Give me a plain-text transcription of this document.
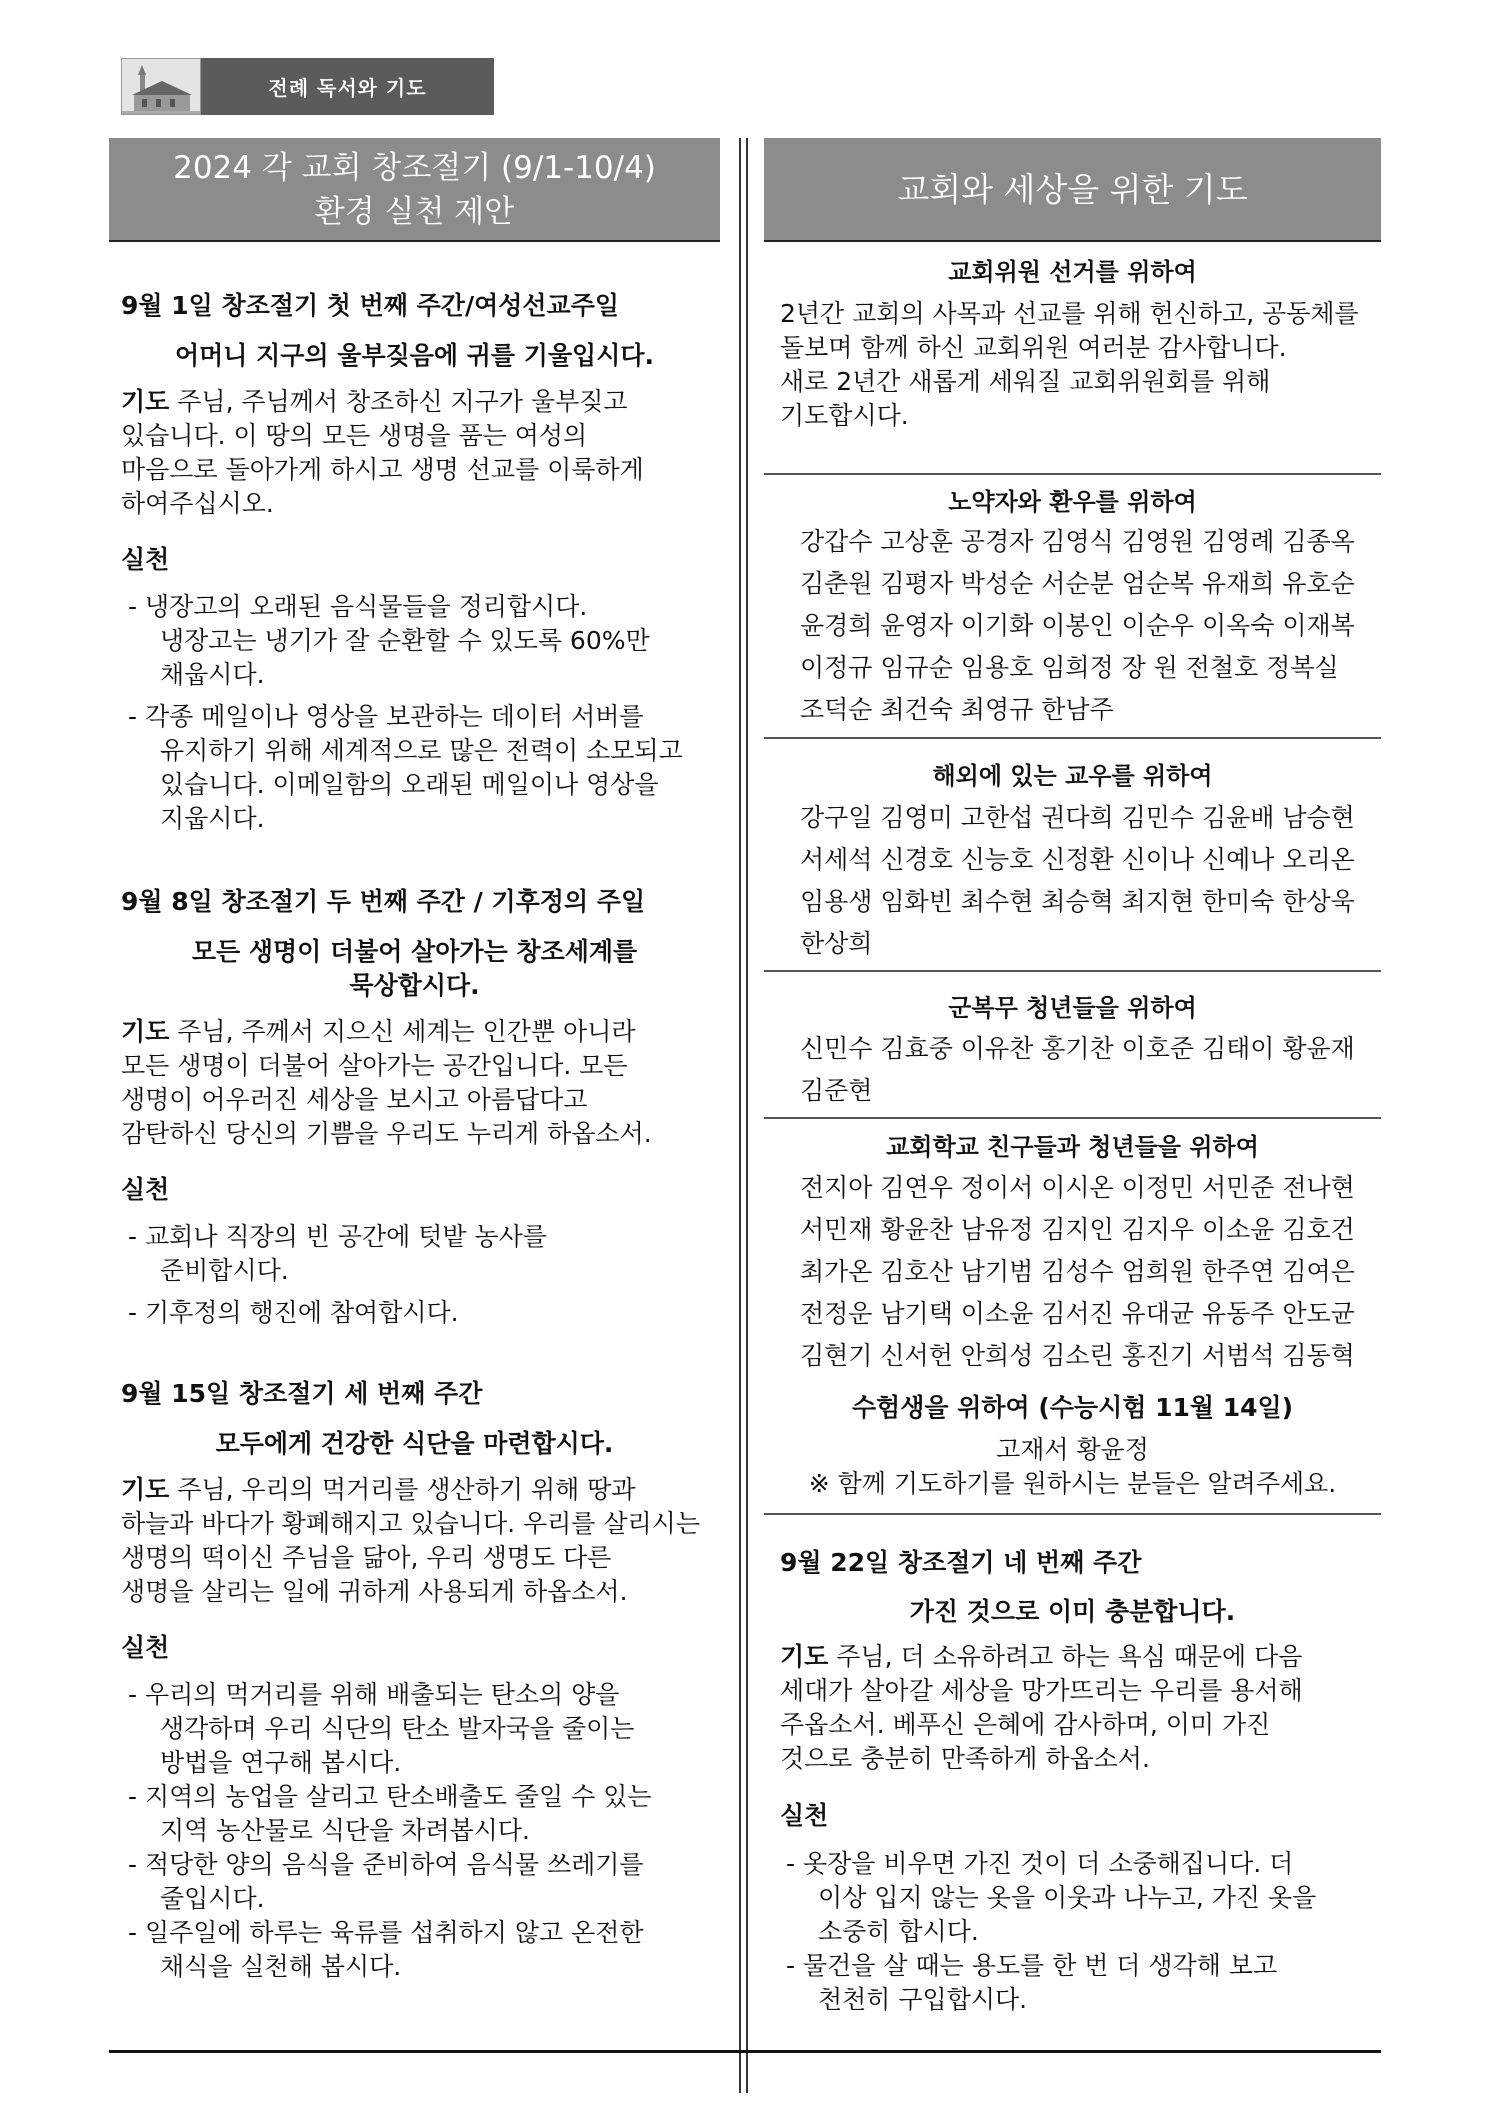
전례 독서와 기도
2024 각 교회 창조절기 (9/1-10/4)
환경 실천 제안
교회와 세상을 위한 기도
9월 1일 창조절기 첫 번째 주간/여성선교주일
어머니 지구의 울부짖음에 귀를 기울입시다.
기도 주님, 주님께서 창조하신 지구가 울부짖고
있습니다. 이 땅의 모든 생명을 품는 여성의
마음으로 돌아가게 하시고 생명 선교를 이룩하게
하여주십시오.
실천
- 냉장고의 오래된 음식물들을 정리합시다.
냉장고는 냉기가 잘 순환할 수 있도록 60%만
채웁시다.
- 각종 메일이나 영상을 보관하는 데이터 서버를
유지하기 위해 세계적으로 많은 전력이 소모되고
있습니다. 이메일함의 오래된 메일이나 영상을
지웁시다.
9월 8일 창조절기 두 번째 주간 / 기후정의 주일
모든 생명이 더불어 살아가는 창조세계를
묵상합시다.
기도 주님, 주께서 지으신 세계는 인간뿐 아니라
모든 생명이 더불어 살아가는 공간입니다. 모든
생명이 어우러진 세상을 보시고 아름답다고
감탄하신 당신의 기쁨을 우리도 누리게 하옵소서.
실천
- 교회나 직장의 빈 공간에 텃밭 농사를
준비합시다.
- 기후정의 행진에 참여합시다.
9월 15일 창조절기 세 번째 주간
모두에게 건강한 식단을 마련합시다.
기도 주님, 우리의 먹거리를 생산하기 위해 땅과
하늘과 바다가 황폐해지고 있습니다. 우리를 살리시는
생명의 떡이신 주님을 닮아, 우리 생명도 다른
생명을 살리는 일에 귀하게 사용되게 하옵소서.
실천
- 우리의 먹거리를 위해 배출되는 탄소의 양을
생각하며 우리 식단의 탄소 발자국을 줄이는
방법을 연구해 봅시다.
- 지역의 농업을 살리고 탄소배출도 줄일 수 있는
지역 농산물로 식단을 차려봅시다.
- 적당한 양의 음식을 준비하여 음식물 쓰레기를
줄입시다.
- 일주일에 하루는 육류를 섭취하지 않고 온전한
채식을 실천해 봅시다.
교회위원 선거를 위하여
2년간 교회의 사목과 선교를 위해 헌신하고, 공동체를
돌보며 함께 하신 교회위원 여러분 감사합니다.
새로 2년간 새롭게 세워질 교회위원회를 위해
기도합시다.
노약자와 환우를 위하여
강갑수 고상훈 공경자 김영식 김영원 김영례 김종옥
김춘원 김평자 박성순 서순분 엄순복 유재희 유호순
윤경희 윤영자 이기화 이봉인 이순우 이옥숙 이재복
이정규 임규순 임용호 임희정 장 원 전철호 정복실
조덕순 최건숙 최영규 한남주
해외에 있는 교우를 위하여
강구일 김영미 고한섭 권다희 김민수 김윤배 남승현
서세석 신경호 신능호 신정환 신이나 신예나 오리온
임용생 임화빈 최수현 최승혁 최지현 한미숙 한상욱
한상희
군복무 청년들을 위하여
신민수 김효중 이유찬 홍기찬 이호준 김태이 황윤재
김준현
교회학교 친구들과 청년들을 위하여
전지아 김연우 정이서 이시온 이정민 서민준 전나현
서민재 황윤찬 남유정 김지인 김지우 이소윤 김호건
최가온 김호산 남기범 김성수 엄희원 한주연 김여은
전정운 남기택 이소윤 김서진 유대균 유동주 안도균
김현기 신서헌 안희성 김소린 홍진기 서범석 김동혁
수험생을 위하여 (수능시험 11월 14일)
고재서 황윤정
※ 함께 기도하기를 원하시는 분들은 알려주세요.
9월 22일 창조절기 네 번째 주간
가진 것으로 이미 충분합니다.
기도 주님, 더 소유하려고 하는 욕심 때문에 다음
세대가 살아갈 세상을 망가뜨리는 우리를 용서해
주옵소서. 베푸신 은혜에 감사하며, 이미 가진
것으로 충분히 만족하게 하옵소서.
실천
- 옷장을 비우면 가진 것이 더 소중해집니다. 더
이상 입지 않는 옷을 이웃과 나누고, 가진 옷을
소중히 합시다.
- 물건을 살 때는 용도를 한 번 더 생각해 보고
천천히 구입합시다.
